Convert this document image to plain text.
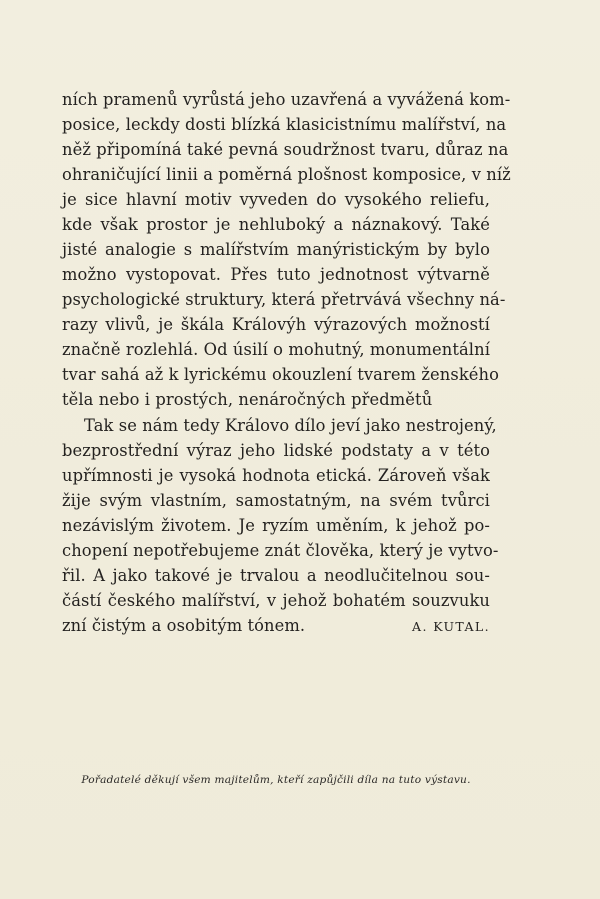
ních pramenů vyrůstá jeho uzavřená a vyvážená kom-
posice, leckdy dosti blízká klasicistnímu malířství, na
něž připomíná také pevná soudržnost tvaru, důraz na
ohraničující linii a poměrná plošnost komposice, v níž
je sice hlavní motiv vyveden do vysokého reliefu,
kde však prostor je nehluboký a náznakový. Také
jisté analogie s malířstvím manýristickým by bylo
možno vystopovat. Přes tuto jednotnost výtvarně
psychologické struktury, která přetrvává všechny ná-
razy vlivů, je škála Královýh výrazových možností
značně rozlehlá. Od úsilí o mohutný, monumentální
tvar sahá až k lyrickému okouzlení tvarem ženského
těla nebo i prostých, nenáročných předmětů
Tak se nám tedy Královo dílo jeví jako nestrojený,
bezprostřední výraz jeho lidské podstaty a v této
upřímnosti je vysoká hodnota etická. Zároveň však
žije svým vlastním, samostatným, na svém tvůrci
nezávislým životem. Je ryzím uměním, k jehož po-
chopení nepotřebujeme znát člověka, který je vytvo-
řil. A jako takové je trvalou a neodlučitelnou sou-
částí českého malířství, v jehož bohatém souzvuku
zní čistým a osobitým tónem.	A. KUTAL.
Pořadatelé děkují všem majitelům, kteří zapůjčili díla na tuto výstavu.
